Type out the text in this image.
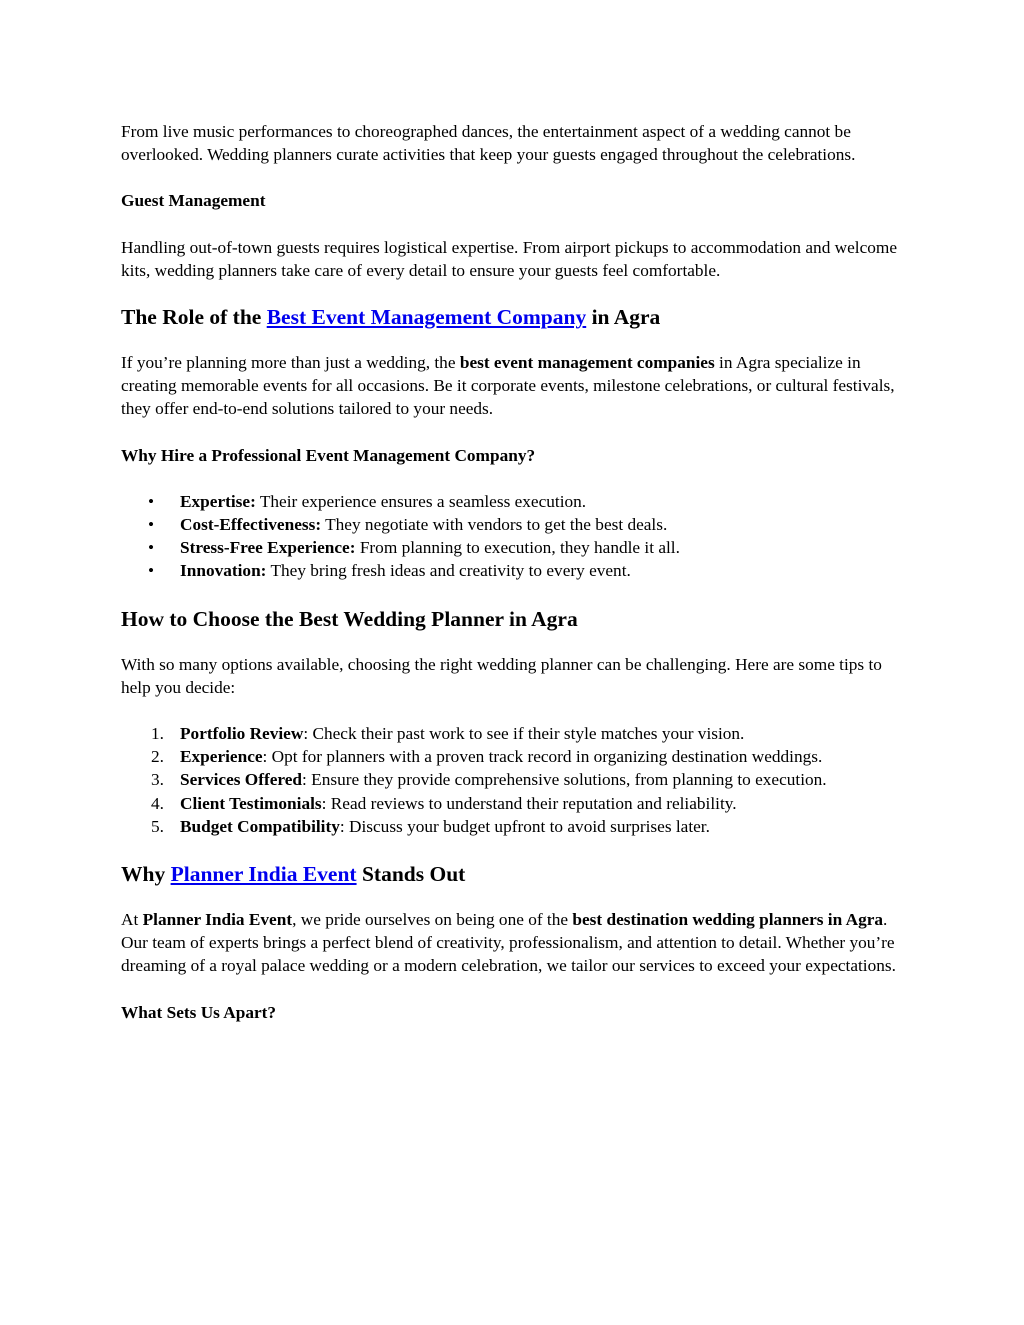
From live music performances to choreographed dances, the entertainment aspect of a wedding cannot be overlooked. Wedding planners curate activities that keep your guests engaged throughout the celebrations.

Guest Management

Handling out-of-town guests requires logistical expertise. From airport pickups to accommodation and welcome kits, wedding planners take care of every detail to ensure your guests feel comfortable.

The Role of the Best Event Management Company in Agra

If you’re planning more than just a wedding, the best event management companies in Agra specialize in creating memorable events for all occasions. Be it corporate events, milestone celebrations, or cultural festivals, they offer end-to-end solutions tailored to your needs.

Why Hire a Professional Event Management Company?

• Expertise: Their experience ensures a seamless execution.
• Cost-Effectiveness: They negotiate with vendors to get the best deals.
• Stress-Free Experience: From planning to execution, they handle it all.
• Innovation: They bring fresh ideas and creativity to every event.
How to Choose the Best Wedding Planner in Agra

With so many options available, choosing the right wedding planner can be challenging. Here are some tips to help you decide:

1. Portfolio Review: Check their past work to see if their style matches your vision.
2. Experience: Opt for planners with a proven track record in organizing destination weddings.
3. Services Offered: Ensure they provide comprehensive solutions, from planning to execution.
4. Client Testimonials: Read reviews to understand their reputation and reliability.
5. Budget Compatibility: Discuss your budget upfront to avoid surprises later.
Why Planner India Event Stands Out

At Planner India Event, we pride ourselves on being one of the best destination wedding planners in Agra. Our team of experts brings a perfect blend of creativity, professionalism, and attention to detail. Whether you’re dreaming of a royal palace wedding or a modern celebration, we tailor our services to exceed your expectations.

What Sets Us Apart?
